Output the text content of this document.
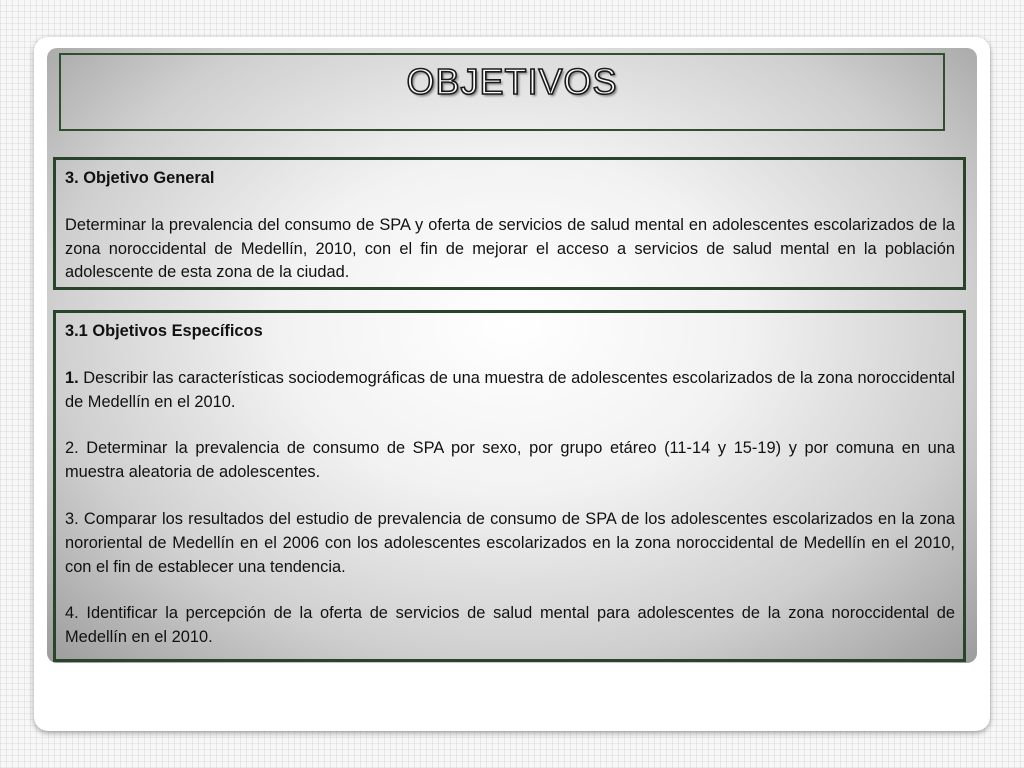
OBJETIVOS

3. Objetivo General

Determinar la prevalencia del consumo de SPA y oferta de servicios de salud mental en adolescentes escolarizados de la zona noroccidental de Medellín, 2010, con el fin de mejorar el acceso a servicios de salud mental en la población adolescente de esta zona de la ciudad.

3.1 Objetivos Específicos

1. Describir las características sociodemográficas de una muestra de adolescentes escolarizados de la zona noroccidental de Medellín en el 2010.

2. Determinar la prevalencia de consumo de SPA por sexo, por grupo etáreo (11-14 y 15-19) y por comuna en una muestra aleatoria de adolescentes.

3. Comparar los resultados del estudio de prevalencia de consumo de SPA de los adolescentes escolarizados en la zona nororiental de Medellín en el 2006 con los adolescentes escolarizados en la zona noroccidental de Medellín en el 2010, con el fin de establecer una tendencia.

4. Identificar la percepción de la oferta de servicios de salud mental para adolescentes de la zona noroccidental de Medellín en el 2010.
